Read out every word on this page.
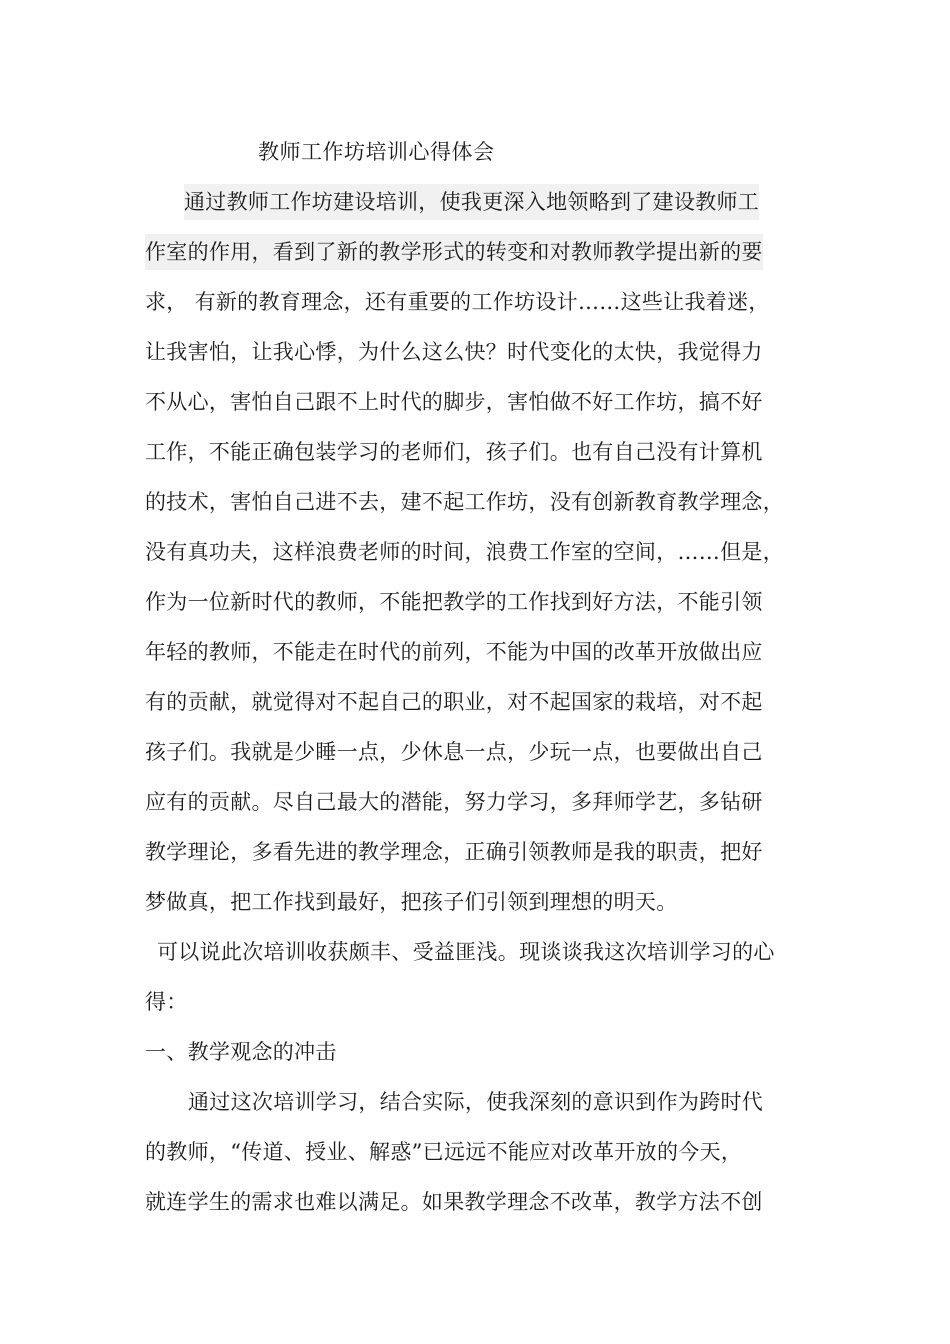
教师工作坊培训心得体会
通过教师工作坊建设培训，使我更深入地领略到了建设教师工
作室的作用，看到了新的教学形式的转变和对教师教学提出新的要
求， 有新的教育理念，还有重要的工作坊设计……这些让我着迷，
让我害怕，让我心悸，为什么这么快？时代变化的太快，我觉得力
不从心，害怕自己跟不上时代的脚步，害怕做不好工作坊，搞不好
工作，不能正确包装学习的老师们，孩子们。也有自己没有计算机
的技术，害怕自己进不去，建不起工作坊，没有创新教育教学理念，
没有真功夫，这样浪费老师的时间，浪费工作室的空间，……但是，
作为一位新时代的教师，不能把教学的工作找到好方法，不能引领
年轻的教师，不能走在时代的前列，不能为中国的改革开放做出应
有的贡献，就觉得对不起自己的职业，对不起国家的栽培，对不起
孩子们。我就是少睡一点，少休息一点，少玩一点，也要做出自己
应有的贡献。尽自己最大的潜能，努力学习，多拜师学艺，多钻研
教学理论，多看先进的教学理念，正确引领教师是我的职责，把好
梦做真，把工作找到最好，把孩子们引领到理想的明天。
可以说此次培训收获颇丰、受益匪浅。现谈谈我这次培训学习的心
得：
一、教学观念的冲击
通过这次培训学习，结合实际，使我深刻的意识到作为跨时代
的教师，“传道、授业、解惑”已远远不能应对改革开放的今天，
就连学生的需求也难以满足。如果教学理念不改革，教学方法不创
